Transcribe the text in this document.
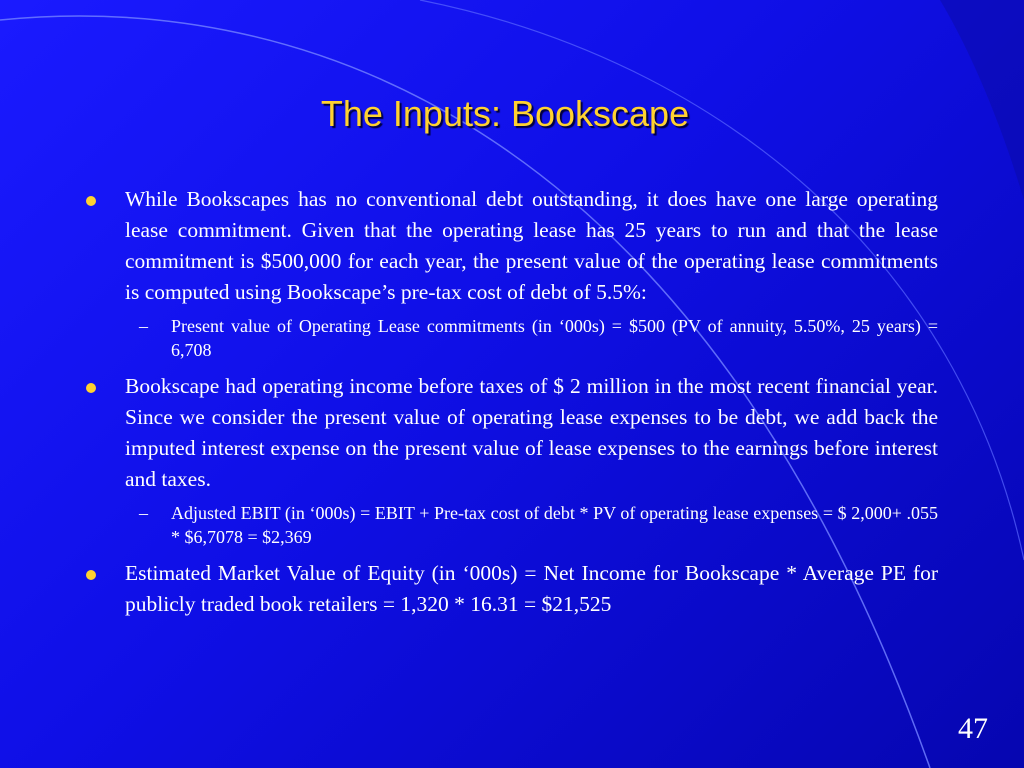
The Inputs: Bookscape
While Bookscapes has no conventional debt outstanding, it does have one large operating lease commitment. Given that the operating lease has 25 years to run and that the lease commitment is $500,000 for each year, the present value of the operating lease commitments is computed using Bookscape’s pre-tax cost of debt of 5.5%:
– Present value of Operating Lease commitments (in ‘000s) = $500 (PV of annuity, 5.50%, 25 years) = 6,708
Bookscape had operating income before taxes of $ 2 million in the most recent financial year. Since we consider the present value of operating lease expenses to be debt, we add back the imputed interest expense on the present value of lease expenses to the earnings before interest and taxes.
– Adjusted EBIT (in ‘000s) = EBIT + Pre-tax cost of debt * PV of operating lease expenses = $ 2,000+ .055 * $6,7078 = $2,369
Estimated Market Value of Equity (in ‘000s) = Net Income for Bookscape * Average PE for publicly traded book retailers = 1,320 * 16.31 = $21,525
47
